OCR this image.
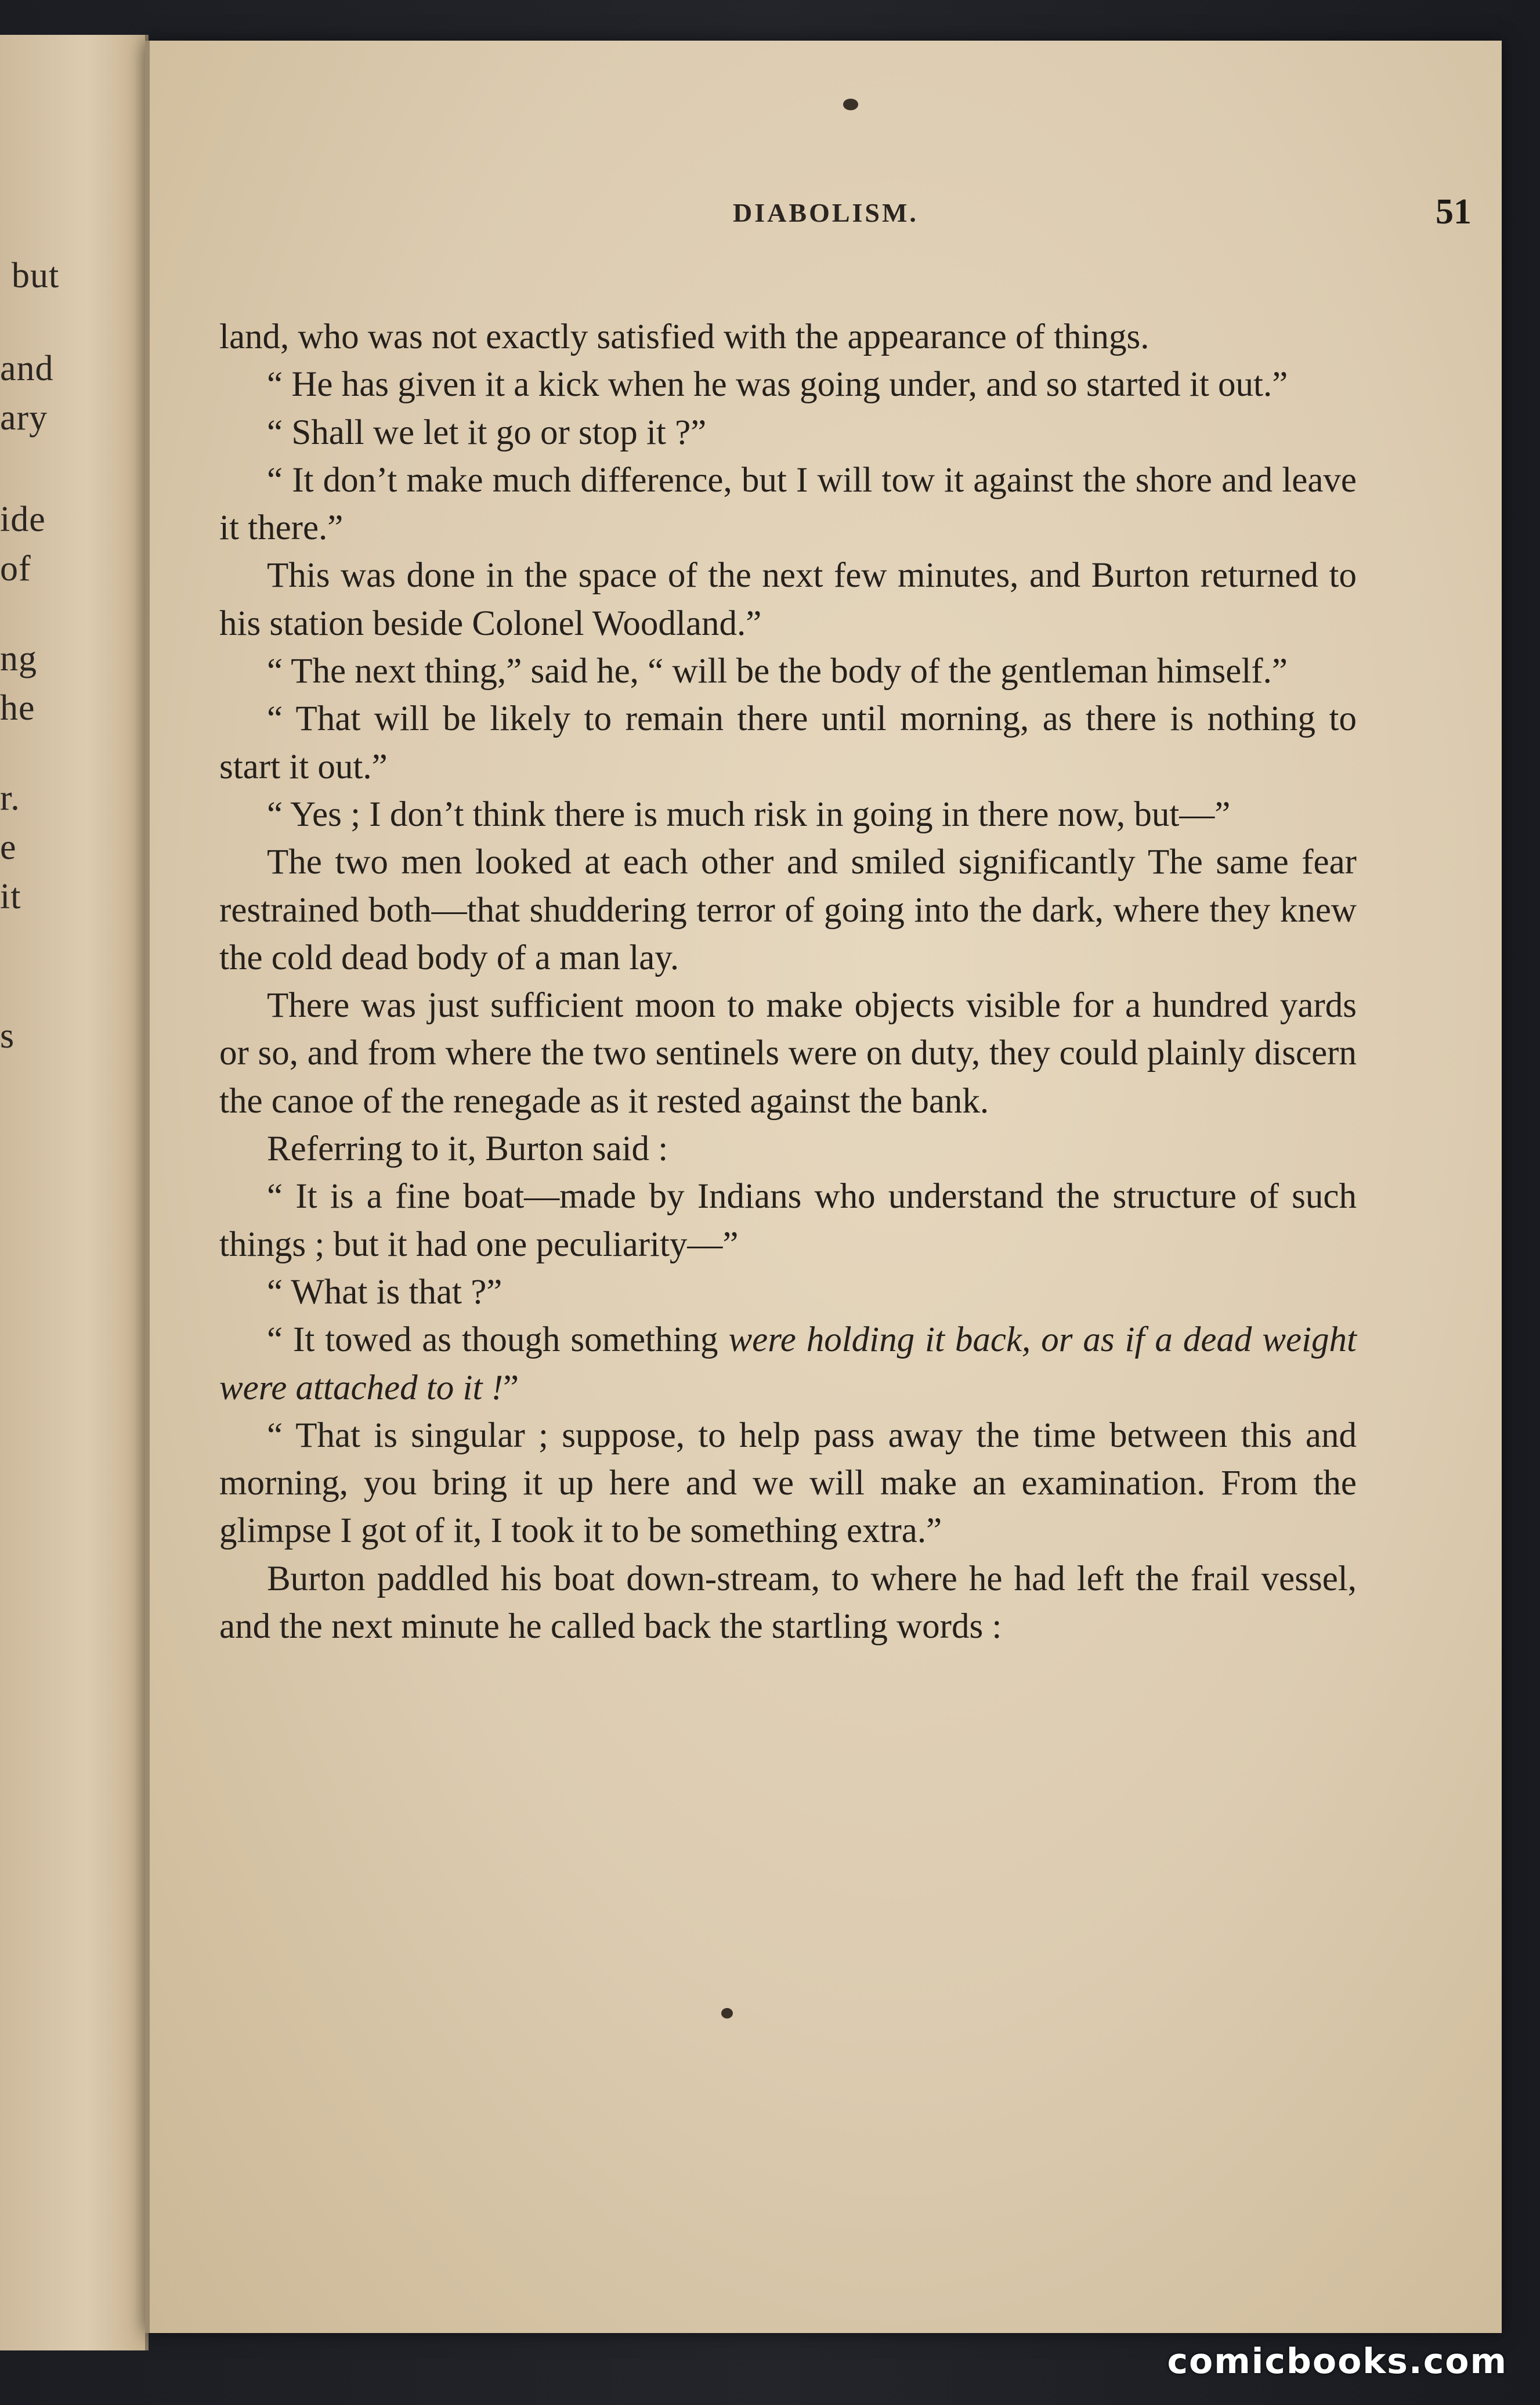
but
and
ary
ide
of
ng
he
r.
e
it
s
DIABOLISM.	51

land, who was not exactly satisfied with the appearance of things.

“ He has given it a kick when he was going under, and so started it out.”

“ Shall we let it go or stop it ?”

“ It don’t make much difference, but I will tow it against the shore and leave it there.”

This was done in the space of the next few minutes, and Burton returned to his station beside Colonel Woodland.”

“ The next thing,” said he, “ will be the body of the gentleman himself.”

“ That will be likely to remain there until morning, as there is nothing to start it out.”

“ Yes ; I don’t think there is much risk in going in there now, but—”

The two men looked at each other and smiled significantly The same fear restrained both—that shuddering terror of going into the dark, where they knew the cold dead body of a man lay.

There was just sufficient moon to make objects visible for a hundred yards or so, and from where the two sentinels were on duty, they could plainly discern the canoe of the renegade as it rested against the bank.

Referring to it, Burton said :

“ It is a fine boat—made by Indians who understand the structure of such things ; but it had one peculiarity—”

“ What is that ?”

“ It towed as though something were holding it back, or as if a dead weight were attached to it !”

“ That is singular ; suppose, to help pass away the time between this and morning, you bring it up here and we will make an examination. From the glimpse I got of it, I took it to be something extra.”

Burton paddled his boat down-stream, to where he had left the frail vessel, and the next minute he called back the startling words :

comicbooks.com
